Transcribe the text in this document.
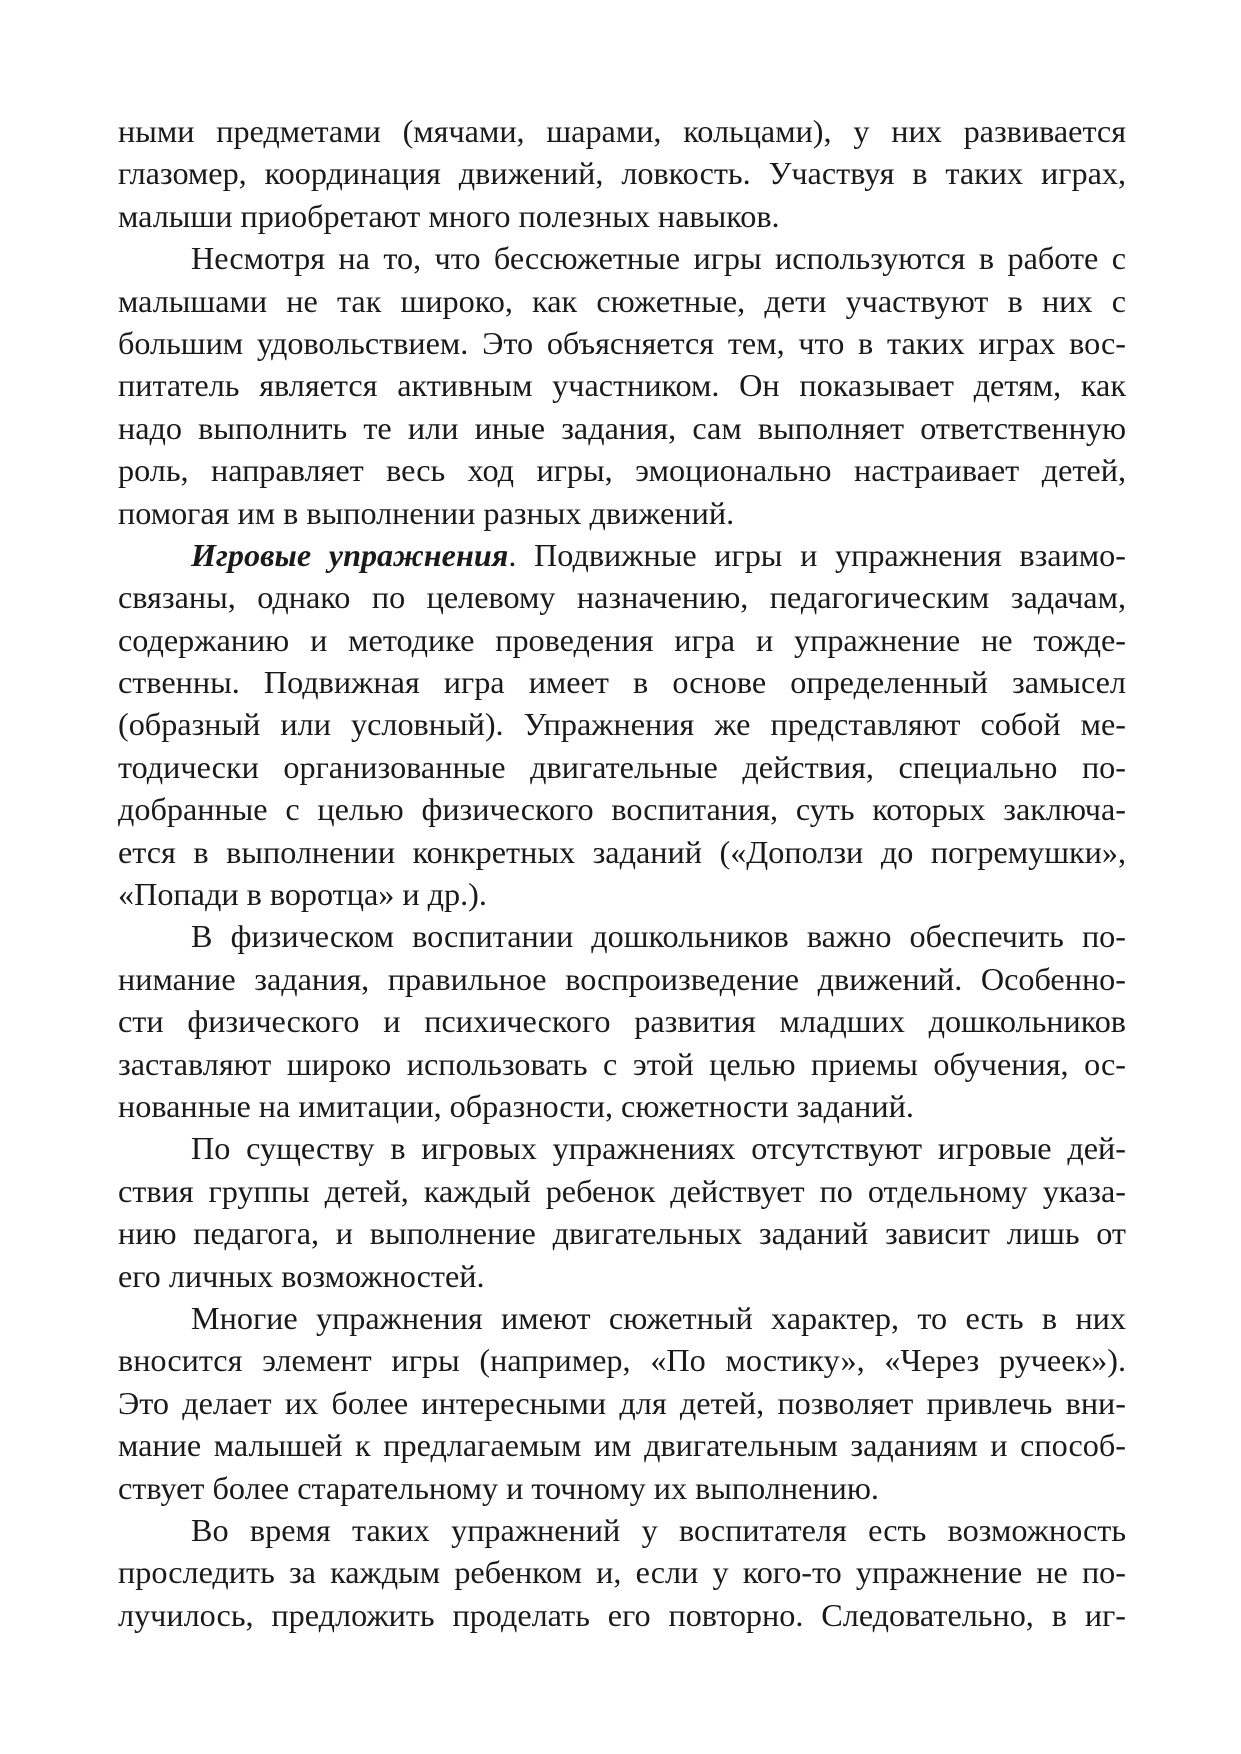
ными предметами (мячами, шарами, кольцами), у них развивается
глазомер, координация движений, ловкость. Участвуя в таких играх,
малыши приобретают много полезных навыков.
Несмотря на то, что бессюжетные игры используются в работе с
малышами не так широко, как сюжетные, дети участвуют в них с
большим удовольствием. Это объясняется тем, что в таких играх вос-
питатель является активным участником. Он показывает детям, как
надо выполнить те или иные задания, сам выполняет ответственную
роль, направляет весь ход игры, эмоционально настраивает детей,
помогая им в выполнении разных движений.
Игровые упражнения. Подвижные игры и упражнения взаимо-
связаны, однако по целевому назначению, педагогическим задачам,
содержанию и методике проведения игра и упражнение не тожде-
ственны. Подвижная игра имеет в основе определенный замысел
(образный или условный). Упражнения же представляют собой ме-
тодически организованные двигательные действия, специально по-
добранные с целью физического воспитания, суть которых заключа-
ется в выполнении конкретных заданий («Доползи до погремушки»,
«Попади в воротца» и др.).
В физическом воспитании дошкольников важно обеспечить по-
нимание задания, правильное воспроизведение движений. Особенно-
сти физического и психического развития младших дошкольников
заставляют широко использовать с этой целью приемы обучения, ос-
нованные на имитации, образности, сюжетности заданий.
По существу в игровых упражнениях отсутствуют игровые дей-
ствия группы детей, каждый ребенок действует по отдельному указа-
нию педагога, и выполнение двигательных заданий зависит лишь от
его личных возможностей.
Многие упражнения имеют сюжетный характер, то есть в них
вносится элемент игры (например, «По мостику», «Через ручеек»).
Это делает их более интересными для детей, позволяет привлечь вни-
мание малышей к предлагаемым им двигательным заданиям и способ-
ствует более старательному и точному их выполнению.
Во время таких упражнений у воспитателя есть возможность
проследить за каждым ребенком и, если у кого-то упражнение не по-
лучилось, предложить проделать его повторно. Следовательно, в иг-
